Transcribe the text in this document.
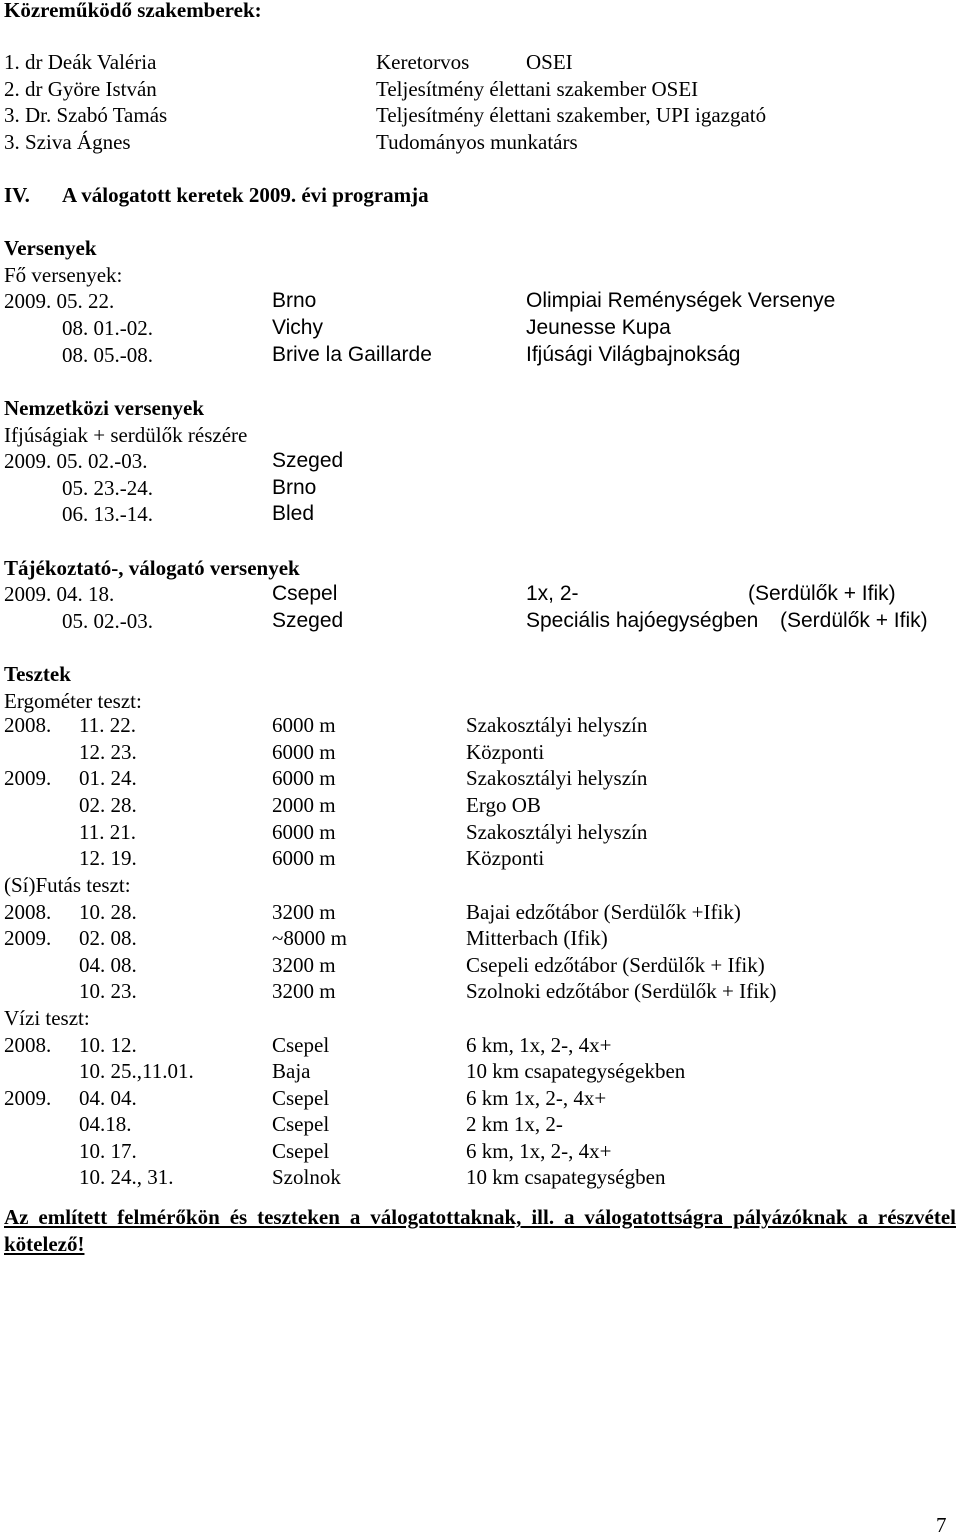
Közreműködő szakemberek:
1. dr Deák Valéria	Keretorvos	OSEI
2. dr Györe István	Teljesítmény élettani szakember OSEI
3. Dr. Szabó Tamás	Teljesítmény élettani szakember, UPI igazgató
3. Sziva Ágnes	Tudományos munkatárs
IV. A válogatott keretek 2009. évi programja
Versenyek
Fő versenyek:
2009. 05. 22.	Brno	Olimpiai Reménységek Versenye
08. 01.-02.	Vichy	Jeunesse Kupa
08. 05.-08.	Brive la Gaillarde	Ifjúsági Világbajnokság
Nemzetközi versenyek
Ifjúságiak + serdülők részére
2009. 05. 02.-03.	Szeged
05. 23.-24.	Brno
06. 13.-14.	Bled
Tájékoztató-, válogató versenyek
2009. 04. 18.	Csepel	1x, 2-	(Serdülők + Ifik)
05. 02.-03.	Szeged	Speciális hajóegységben (Serdülők + Ifik)
Tesztek
Ergométer teszt:
2008. 11. 22.	6000 m	Szakosztályi helyszín
12. 23.	6000 m	Központi
2009. 01. 24.	6000 m	Szakosztályi helyszín
02. 28.	2000 m	Ergo OB
11. 21.	6000 m	Szakosztályi helyszín
12. 19.	6000 m	Központi
(Sí)Futás teszt:
2008. 10. 28.	3200 m	Bajai edzőtábor (Serdülők +Ifik)
2009. 02. 08.	~8000 m	Mitterbach (Ifik)
04. 08.	3200 m	Csepeli edzőtábor (Serdülők + Ifik)
10. 23.	3200 m	Szolnoki edzőtábor (Serdülők + Ifik)
Vízi teszt:
2008. 10. 12.	Csepel	6 km, 1x, 2-, 4x+
10. 25.,11.01.	Baja	10 km csapategységekben
2009. 04. 04.	Csepel	6 km 1x, 2-, 4x+
04.18.	Csepel	2 km 1x, 2-
10. 17.	Csepel	6 km, 1x, 2-, 4x+
10. 24., 31.	Szolnok	10 km csapategységben
Az említett felmérőkön és teszteken a válogatottaknak, ill. a válogatottságra pályázóknak a részvétel kötelező!
7
